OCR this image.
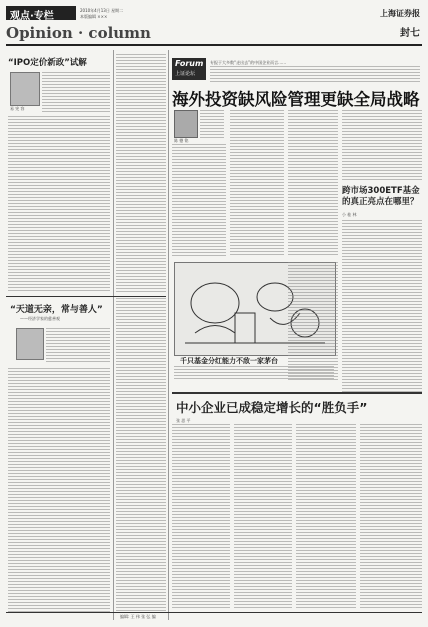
观点·专栏
2010年4月13日 星期二
本版编辑 ×××	上海证券报
Opinion · column	封七
“IPO定价新政”试解
易 宪 容
“天道无亲，常与善人”
——经济学家的慈善观
Forum
上证论坛
专报于大多数“走出去”的中国企业而言……
海外投资缺风险管理更缺全局战略
陈 德 铭
千只基金分红能力不敌一家茅台
跨市场300ETF基金的真正亮点在哪里？
小 桂 林
中小企业已成稳定增长的“胜负手”
张 思 平
编辑: 王 伟 张 弘 编
